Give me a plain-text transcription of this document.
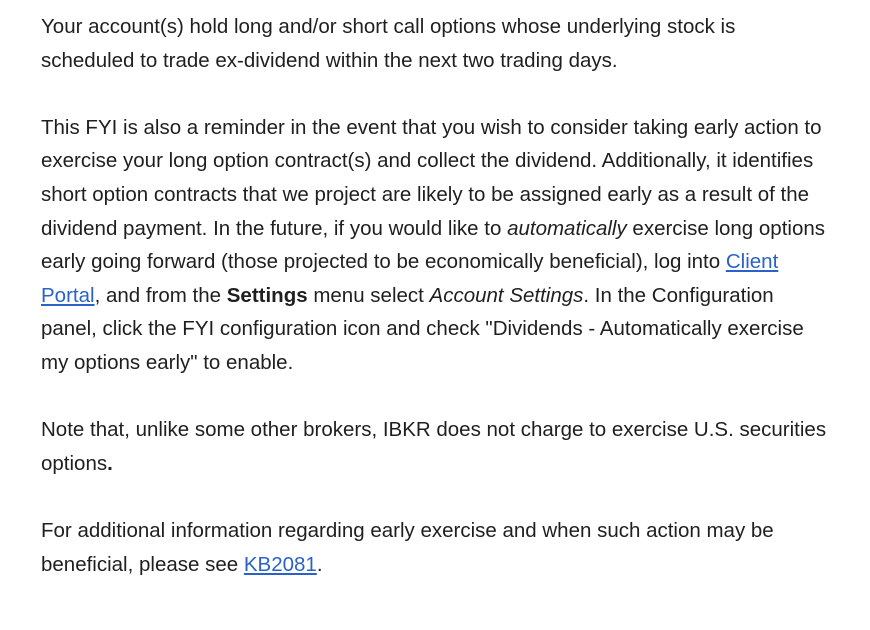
Your account(s) hold long and/or short call options whose underlying stock is scheduled to trade ex-dividend within the next two trading days.

This FYI is also a reminder in the event that you wish to consider taking early action to exercise your long option contract(s) and collect the dividend. Additionally, it identifies short option contracts that we project are likely to be assigned early as a result of the dividend payment. In the future, if you would like to automatically exercise long options early going forward (those projected to be economically beneficial), log into Client Portal, and from the Settings menu select Account Settings. In the Configuration panel, click the FYI configuration icon and check "Dividends - Automatically exercise my options early" to enable.

Note that, unlike some other brokers, IBKR does not charge to exercise U.S. securities options.

For additional information regarding early exercise and when such action may be beneficial, please see KB2081.
